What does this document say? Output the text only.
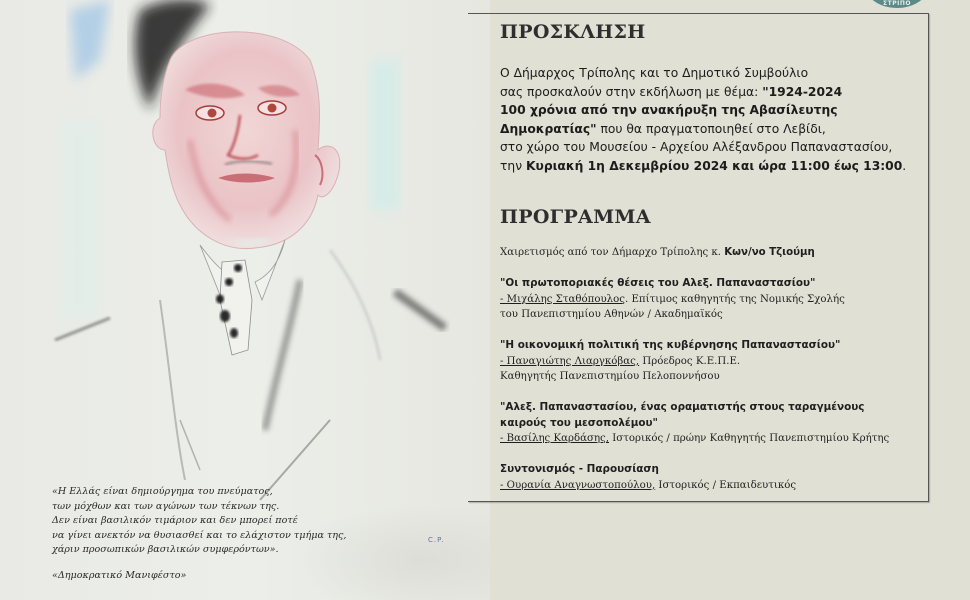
«Η Ελλάς είναι δημιούργημα του πνεύματος,
των μόχθων και των αγώνων των τέκνων της.
Δεν είναι βασιλικόν τιμάριον και δεν μπορεί ποτέ
να γίνει ανεκτόν να θυσιασθεί και το ελάχιστον τμήμα της,
χάριν προσωπικών βασιλικών συμφερόντων».
«Δημοκρατικό Μανιφέστο»
C.P.
ΣΤΡΙΠΟ
ΠΡΟΣΚΛΗΣΗ
Ο Δήμαρχος Τρίπολης και το Δημοτικό Συμβούλιο
σας προσκαλούν στην εκδήλωση με θέμα: "1924-2024
100 χρόνια από την ανακήρυξη της Αβασίλευτης
Δημοκρατίας" που θα πραγματοποιηθεί στο Λεβίδι,
στο χώρο του Μουσείου - Αρχείου Αλέξανδρου Παπαναστασίου,
την Κυριακή 1η Δεκεμβρίου 2024 και ώρα 11:00 έως 13:00.
ΠΡΟΓΡΑΜΜΑ
Χαιρετισμός από τον Δήμαρχο Τρίπολης κ. Κων/νο Τζιούμη
"Οι πρωτοποριακές θέσεις του Αλεξ. Παπαναστασίου"
- Μιχάλης Σταθόπουλος. Επίτιμος καθηγητής της Νομικής Σχολής
του Πανεπιστημίου Αθηνών / Ακαδημαϊκός
"Η οικονομική πολιτική της κυβέρνησης Παπαναστασίου"
- Παναγιώτης Λιαργκόβας, Πρόεδρος Κ.Ε.Π.Ε.
Καθηγητής Πανεπιστημίου Πελοποννήσου
"Αλεξ. Παπαναστασίου, ένας οραματιστής στους ταραγμένους
καιρούς του μεσοπολέμου"
- Βασίλης Καρδάσης, Ιστορικός / πρώην Καθηγητής Πανεπιστημίου Κρήτης
Συντονισμός - Παρουσίαση
- Ουρανία Αναγνωστοπούλου, Ιστορικός / Εκπαιδευτικός
